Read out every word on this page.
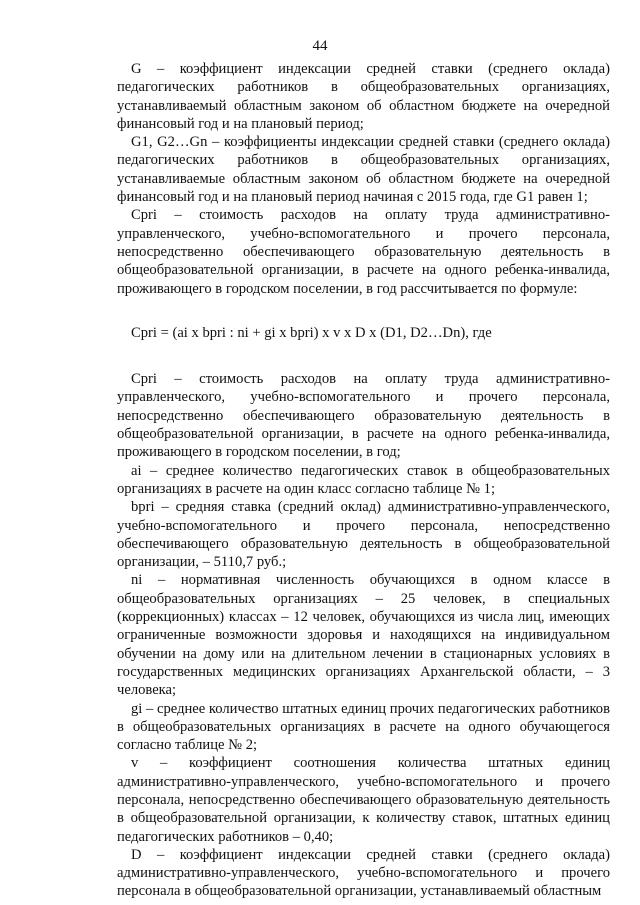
44

G – коэффициент индексации средней ставки (среднего оклада) педагогических работников в общеобразовательных организациях, устанавливаемый областным законом об областном бюджете на очередной финансовый год и на плановый период;

G1, G2…Gn – коэффициенты индексации средней ставки (среднего оклада) педагогических работников в общеобразовательных организациях, устанавливаемые областным законом об областном бюджете на очередной финансовый год и на плановый период начиная с 2015 года, где G1 равен 1;

Cpri – стоимость расходов на оплату труда административно-управленческого, учебно-вспомогательного и прочего персонала, непосредственно обеспечивающего образовательную деятельность в общеобразовательной организации, в расчете на одного ребенка-инвалида, проживающего в городском поселении, в год рассчитывается по формуле:

Cpri = (ai x bpri : ni + gi x bpri) x v x D x (D1, D2…Dn), где

Cpri – стоимость расходов на оплату труда административно-управленческого, учебно-вспомогательного и прочего персонала, непосредственно обеспечивающего образовательную деятельность в общеобразовательной организации, в расчете на одного ребенка-инвалида, проживающего в городском поселении, в год;

ai – среднее количество педагогических ставок в общеобразовательных организациях в расчете на один класс согласно таблице № 1;

bpri – средняя ставка (средний оклад) административно-управленческого, учебно-вспомогательного и прочего персонала, непосредственно обеспечивающего образовательную деятельность в общеобразовательной организации, – 5110,7 руб.;

ni – нормативная численность обучающихся в одном классе в общеобразовательных организациях – 25 человек, в специальных (коррекционных) классах – 12 человек, обучающихся из числа лиц, имеющих ограниченные возможности здоровья и находящихся на индивидуальном обучении на дому или на длительном лечении в стационарных условиях в государственных медицинских организациях Архангельской области, – 3 человека;

gi – среднее количество штатных единиц прочих педагогических работников в общеобразовательных организациях в расчете на одного обучающегося согласно таблице № 2;

v – коэффициент соотношения количества штатных единиц административно-управленческого, учебно-вспомогательного и прочего персонала, непосредственно обеспечивающего образовательную деятельность в общеобразовательной организации, к количеству ставок, штатных единиц педагогических работников – 0,40;

D – коэффициент индексации средней ставки (среднего оклада) административно-управленческого, учебно-вспомогательного и прочего персонала в общеобразовательной организации, устанавливаемый областным
